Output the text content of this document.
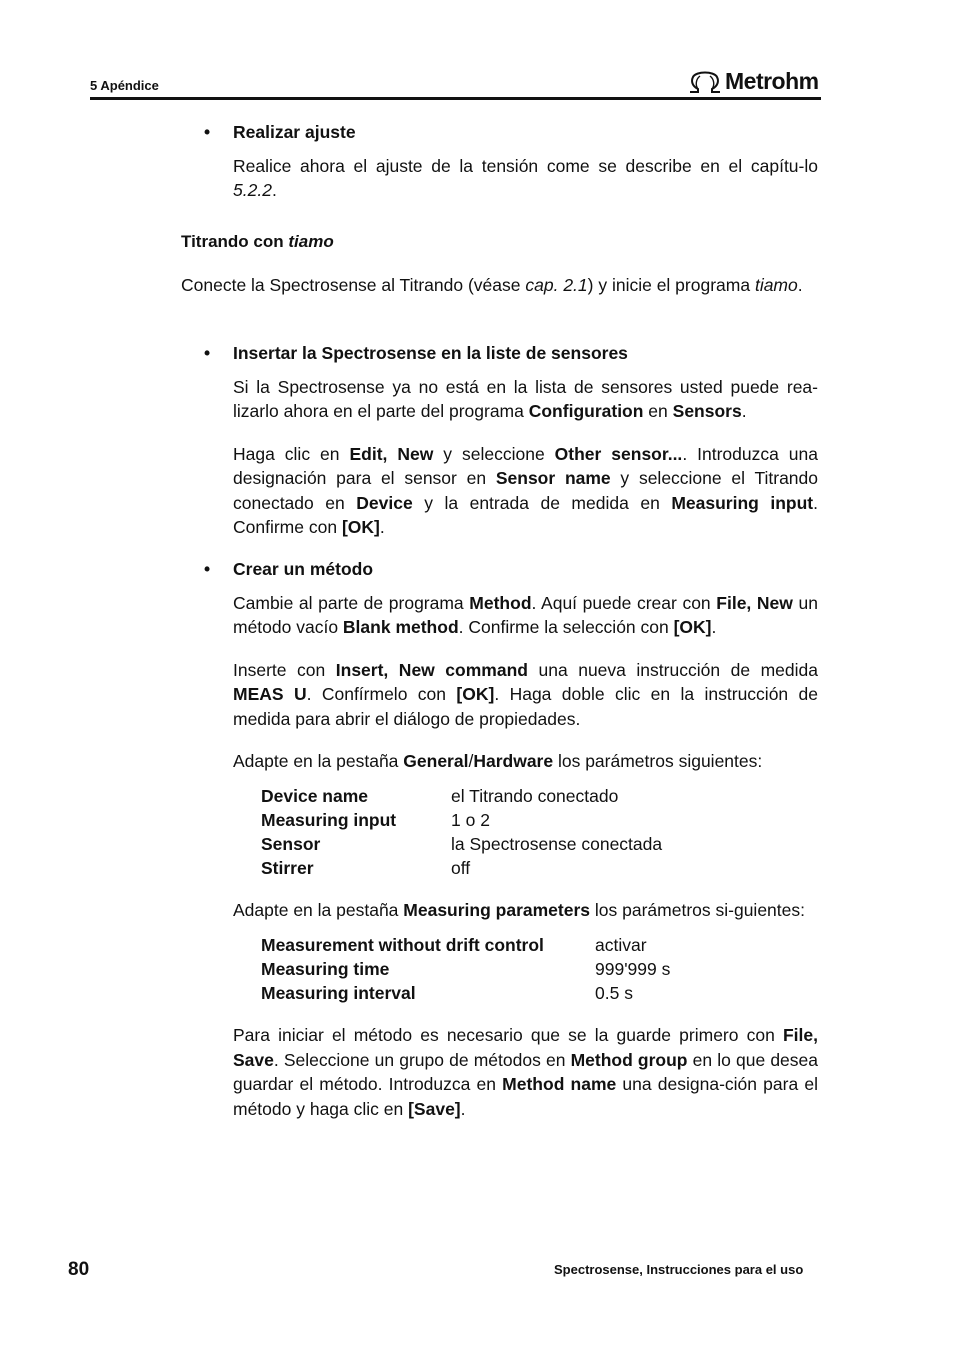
5 Apéndice	Metrohm
• Realizar ajuste

Realice ahora el ajuste de la tensión come se describe en el capítu-lo 5.2.2.

Titrando con tiamo

Conecte la Spectrosense al Titrando (véase cap. 2.1) y inicie el programa tiamo.

• Insertar la Spectrosense en la liste de sensores

Si la Spectrosense ya no está en la lista de sensores usted puede rea-lizarlo ahora en el parte del programa Configuration en Sensors.

Haga clic en Edit, New y seleccione Other sensor.... Introduzca una designación para el sensor en Sensor name y seleccione el Titrando conectado en Device y la entrada de medida en Measuring input. Confirme con [OK].

• Crear un método

Cambie al parte de programa Method. Aquí puede crear con File, New un método vacío Blank method. Confirme la selección con [OK].

Inserte con Insert, New command una nueva instrucción de medida MEAS U. Confírmelo con [OK]. Haga doble clic en la instrucción de medida para abrir el diálogo de propiedades.

Adapte en la pestaña General/Hardware los parámetros siguientes:

Device name	el Titrando conectado
Measuring input	1 o 2
Sensor	la Spectrosense conectada
Stirrer	off

Adapte en la pestaña Measuring parameters los parámetros si-guientes:

Measurement without drift control	activar
Measuring time	999'999 s
Measuring interval	0.5 s

Para iniciar el método es necesario que se la guarde primero con File, Save. Seleccione un grupo de métodos en Method group en lo que desea guardar el método. Introduzca en Method name una designa-ción para el método y haga clic en [Save].

80	Spectrosense, Instrucciones para el uso
